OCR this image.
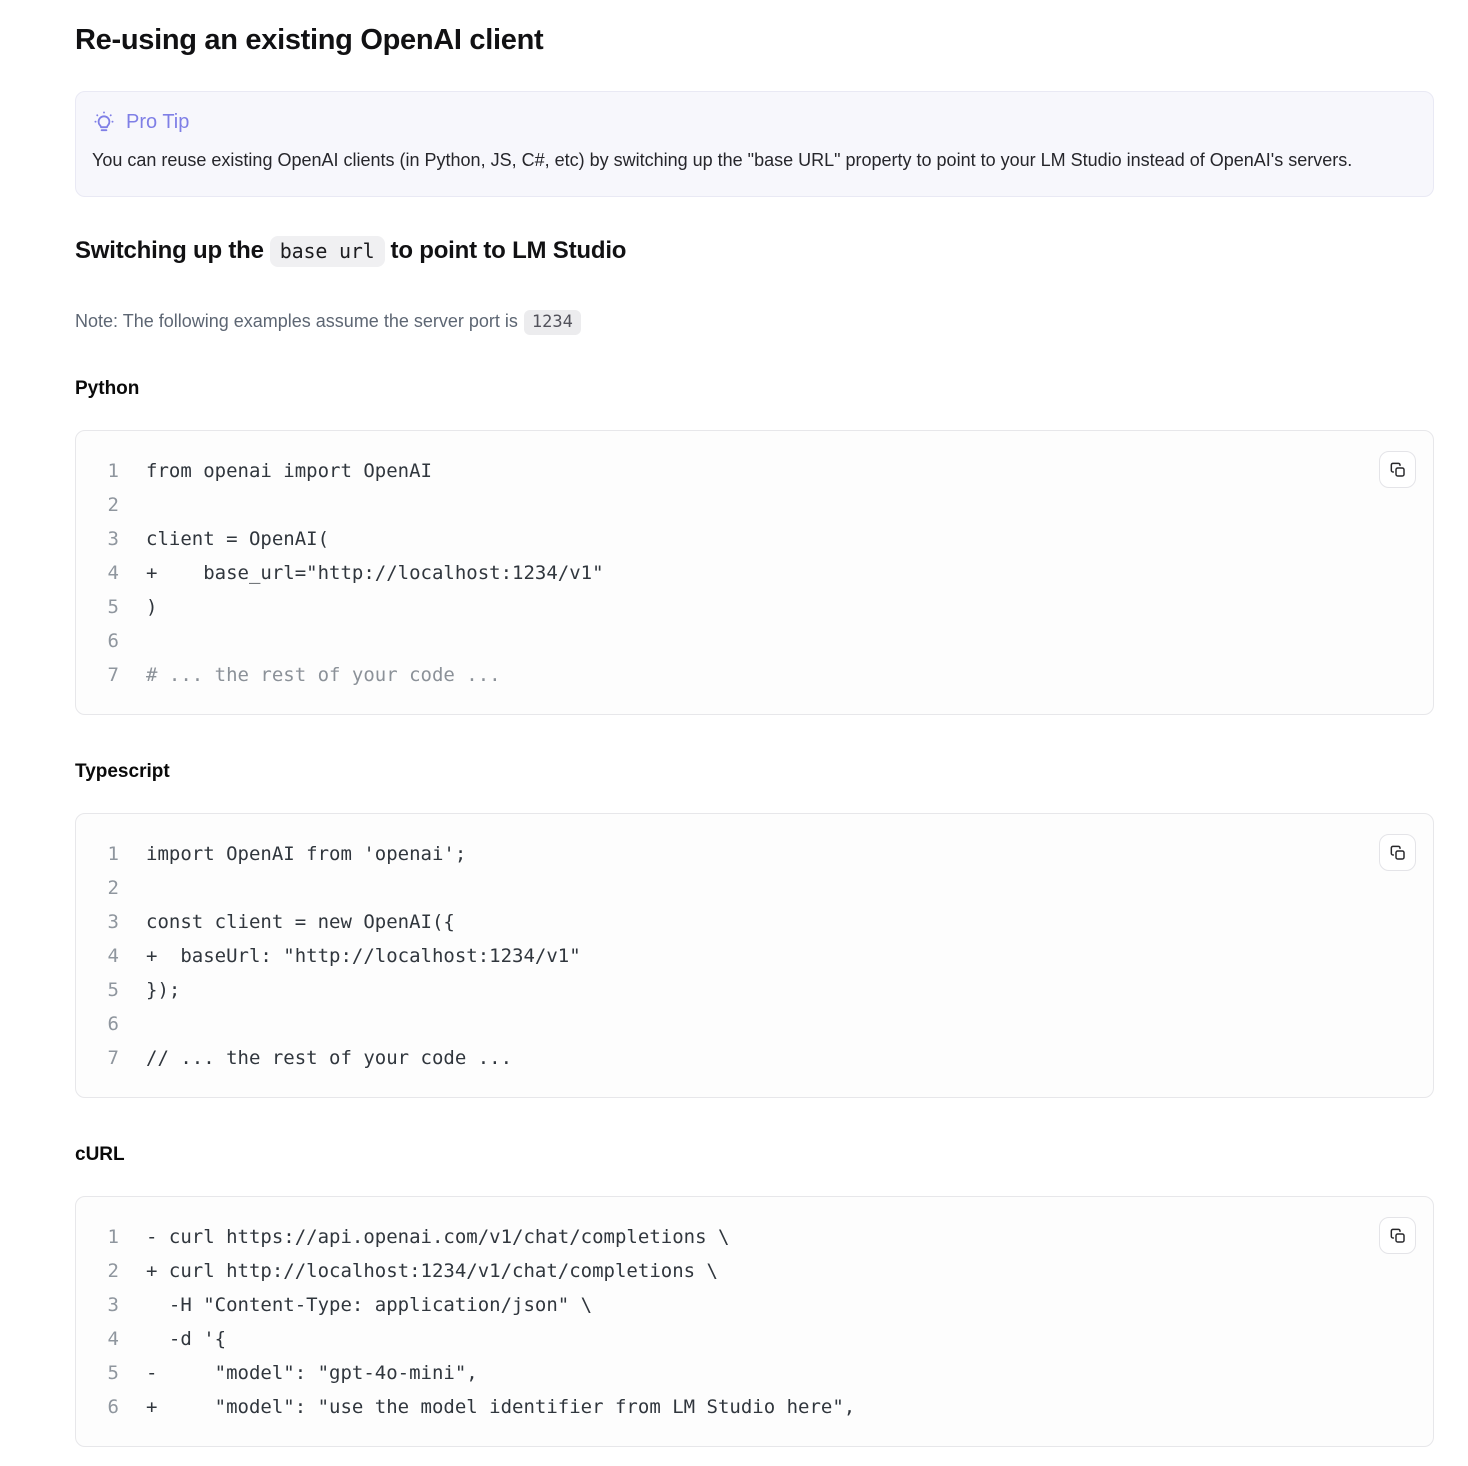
Re-using an existing OpenAI client
Pro Tip
You can reuse existing OpenAI clients (in Python, JS, C#, etc) by switching up the "base URL" property to point to your LM Studio instead of OpenAI's servers.
Switching up the base url to point to LM Studio

Note: The following examples assume the server port is 1234

Python
1 from openai import OpenAI
2
3 client = OpenAI(
4 +    base_url="http://localhost:1234/v1"
5 )
6
7 # ... the rest of your code ...
Typescript
1 import OpenAI from 'openai';
2
3 const client = new OpenAI({
4 +  baseUrl: "http://localhost:1234/v1"
5 });
6
7 // ... the rest of your code ...
cURL
1 - curl https://api.openai.com/v1/chat/completions \
2 + curl http://localhost:1234/v1/chat/completions \
3 -H "Content-Type: application/json" \
4 -d '{
5 -     "model": "gpt-4o-mini",
6 +     "model": "use the model identifier from LM Studio here",
